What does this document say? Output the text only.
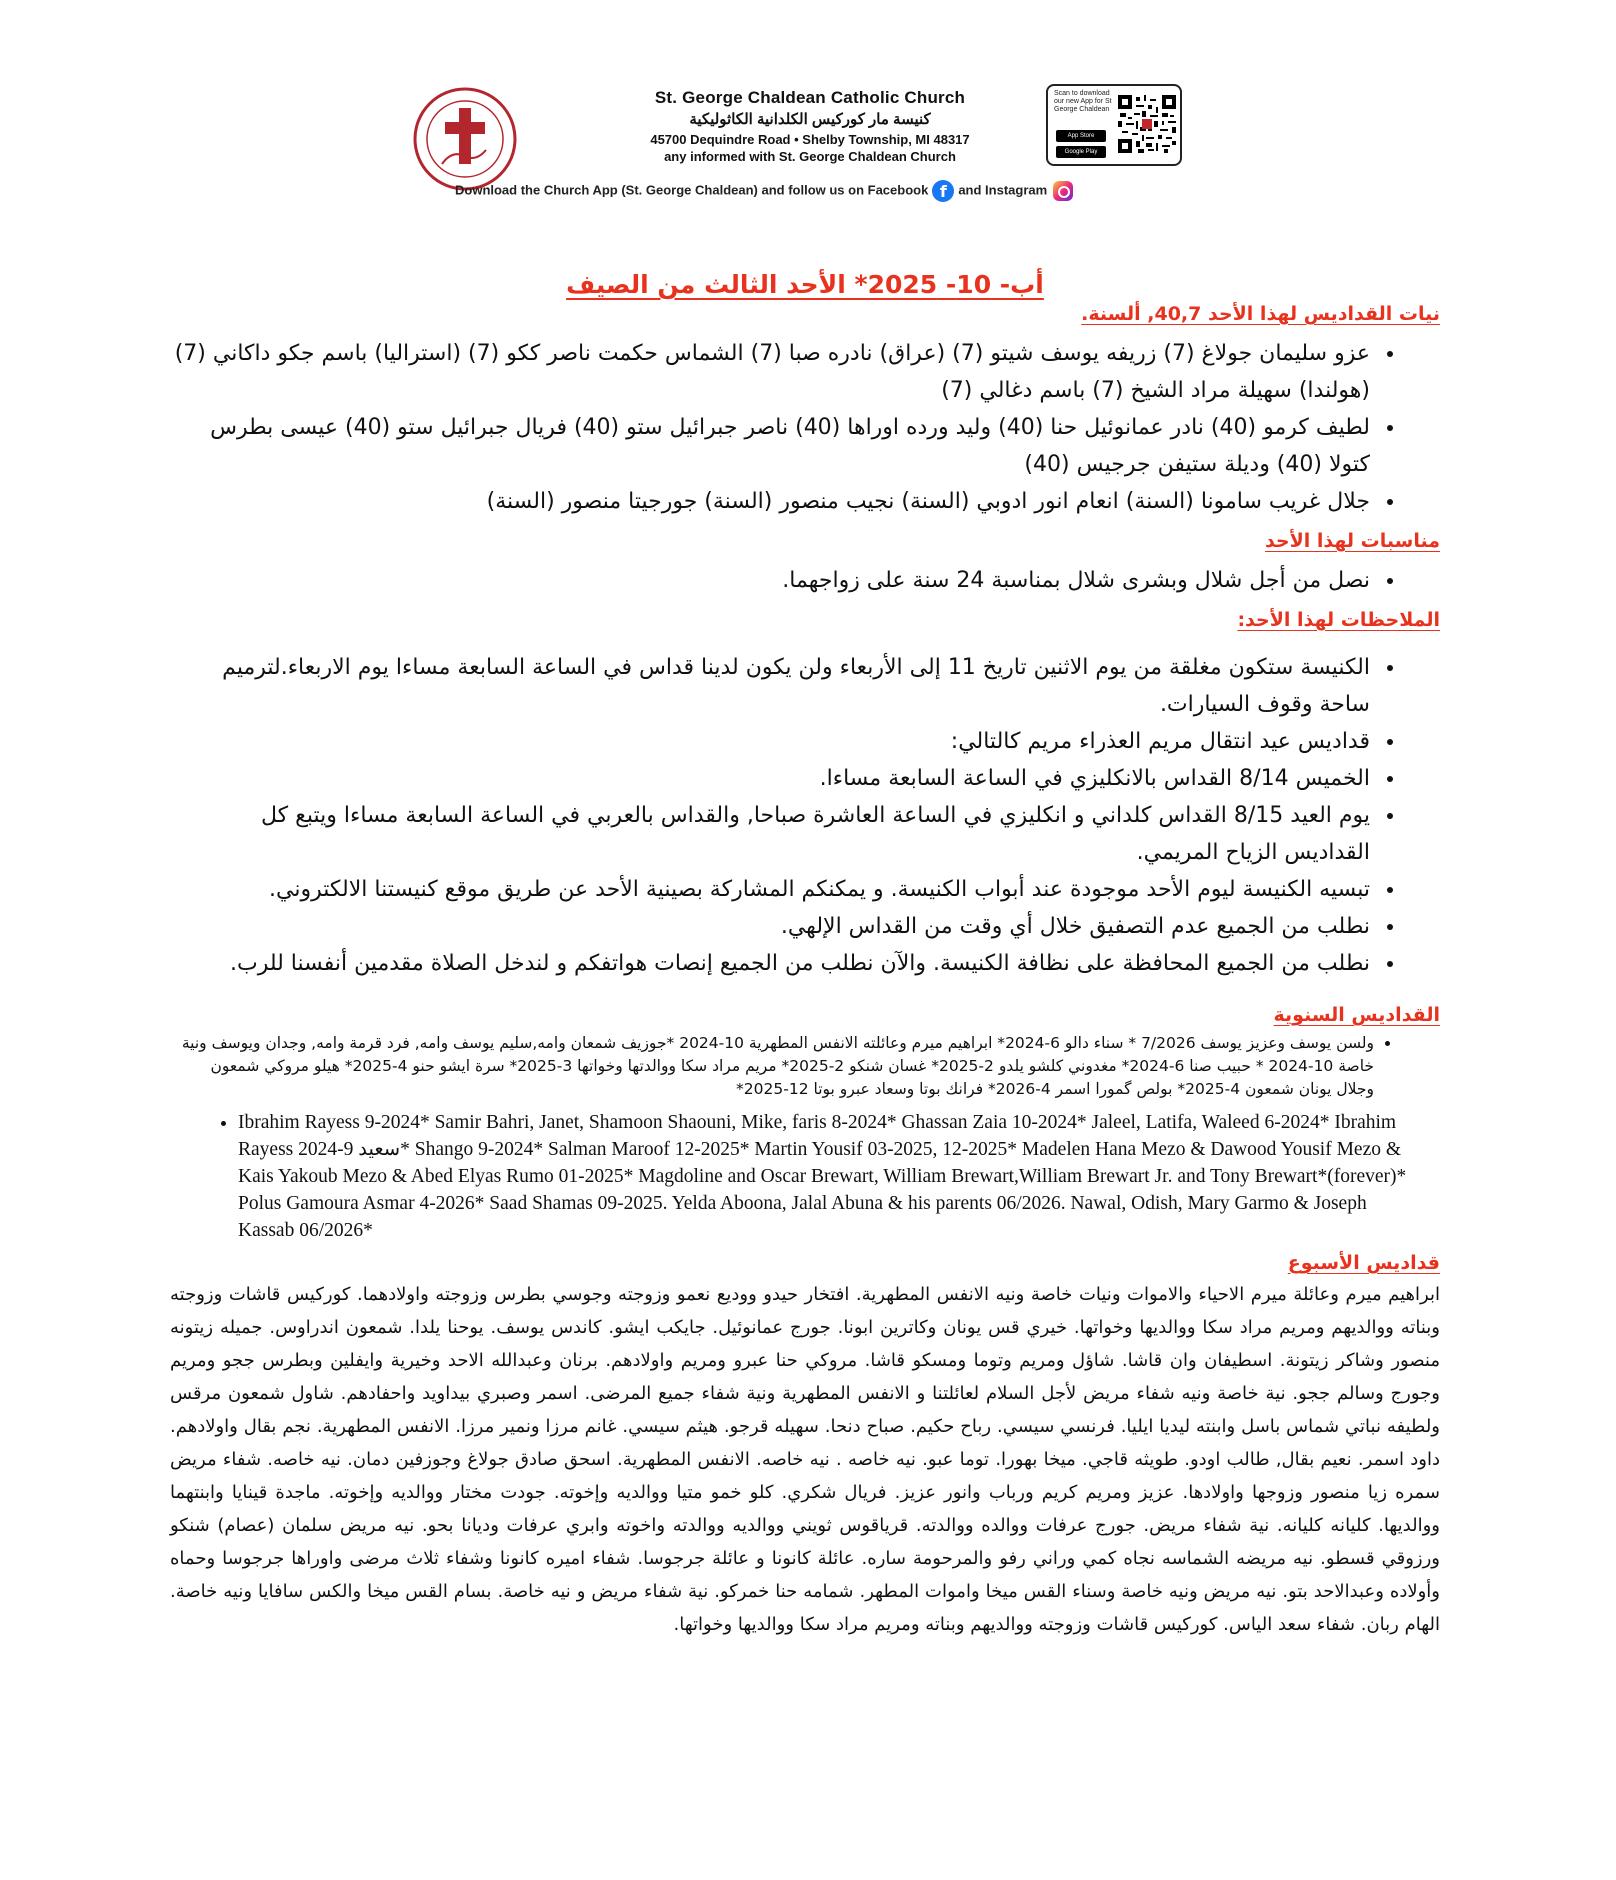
St. George Chaldean Catholic Church
كنيسة مار كوركيس الكلدانية الكاثوليكية
45700 Dequindre Road • Shelby Township, MI 48317
any informed with St. George Chaldean Church
Download the Church App (St. George Chaldean) and follow us on Facebook f and Instagram
Scan to download our new App for St George Chaldean
App Store
Google Play
أب- 10- 2025* الأحد الثالث من الصيف
نيات القداديس لهذا الأحد 40,7, ألسنة.
• عزو سليمان جولاغ (7) زريفه يوسف شيتو (7) (عراق) نادره صبا (7) الشماس حكمت ناصر ككو (7) (استراليا) باسم جكو داكاني (7)(هولندا) سهيلة مراد الشيخ (7) باسم دغالي (7)
• لطيف كرمو (40) نادر عمانوئيل حنا (40) وليد ورده اوراها (40) ناصر جبرائيل ستو (40) فريال جبرائيل ستو (40) عيسى بطرس كتولا (40) وديلة ستيفن جرجيس (40)
• جلال غريب سامونا (السنة) انعام انور ادوبي (السنة) نجيب منصور (السنة) جورجيتا منصور (السنة)
مناسبات لهذا الأحد
• نصل من أجل شلال وبشرى شلال بمناسبة 24 سنة على زواجهما.
الملاحظات لهذا الأحد:
• الكنيسة ستكون مغلقة من يوم الاثنين تاريخ 11 إلى الأربعاء ولن يكون لدينا قداس في الساعة السابعة مساءا يوم الاربعاء.لترميم ساحة وقوف السيارات.
• قداديس عيد انتقال مريم العذراء مريم كالتالي:
• الخميس 8/14 القداس بالانكليزي في الساعة السابعة مساءا.
• يوم العيد 8/15 القداس كلداني و انكليزي في الساعة العاشرة صباحا, والقداس بالعربي في الساعة السابعة مساءا ويتبع كل القداديس الزياح المريمي.
• تبسيه الكنيسة ليوم الأحد موجودة عند أبواب الكنيسة. و يمكنكم المشاركة بصينية الأحد عن طريق موقع كنيستنا الالكتروني.
• نطلب من الجميع عدم التصفيق خلال أي وقت من القداس الإلهي.
• نطلب من الجميع المحافظة على نظافة الكنيسة. والآن نطلب من الجميع إنصات هواتفكم و لندخل الصلاة مقدمين أنفسنا للرب.
القداديس السنوية
• ولسن يوسف وعزيز يوسف 7/2026 * سناء دالو 6-2024* ابراهيم ميرم وعائلته الانفس المطهرية 10-2024 *جوزيف شمعان وامه,سليم يوسف وامه, فرد قرمة وامه, وجدان ويوسف ونية خاصة 10-2024 * حبيب صنا 6-2024* مغدوني كلشو يلدو 2-2025* غسان شنكو 2-2025* مريم مراد سكا ووالدتها وخواتها 3-2025* سرة ايشو حنو 4-2025* هيلو مروكي شمعون وجلال يونان شمعون 4-2025* بولص گمورا اسمر 4-2026* فرانك بوتا وسعاد عبرو بوتا 12-2025*
• Ibrahim Rayess 9-2024* Samir Bahri, Janet, Shamoon Shaouni, Mike, faris 8-2024* Ghassan Zaia 10-2024* Jaleel, Latifa, Waleed 6-2024* Ibrahim Rayess 2024-9 سعيد* Shango 9-2024* Salman Maroof 12-2025* Martin Yousif 03-2025, 12-2025* Madelen Hana Mezo & Dawood Yousif Mezo & Kais Yakoub Mezo & Abed Elyas Rumo 01-2025* Magdoline and Oscar Brewart, William Brewart,William Brewart Jr. and Tony Brewart*(forever)* Polus Gamoura Asmar 4-2026* Saad Shamas 09-2025. Yelda Aboona, Jalal Abuna & his parents 06/2026. Nawal, Odish, Mary Garmo & Joseph Kassab 06/2026*
قداديس الأسبوع
ابراهيم ميرم وعائلة ميرم الاحياء والاموات ونيات خاصة ونيه الانفس المطهرية. افتخار حيدو ووديع نعمو وزوجته وجوسي بطرس وزوجته واولادهما. كوركيس قاشات وزوجته وبناته ووالديهم ومريم مراد سكا ووالديها وخواتها. خيري قس يونان وكاترين ابونا. جورج عمانوئيل. جايكب ايشو. كاندس يوسف. يوحنا يلدا. شمعون اندراوس. جميله زيتونه منصور وشاكر زيتونة. اسطيفان وان قاشا. شاؤل ومريم وتوما ومسكو قاشا. مروكي حنا عبرو ومريم واولادهم. برنان وعبدالله الاحد وخيرية وايفلين وبطرس ججو ومريم وجورج وسالم ججو. نية خاصة ونيه شفاء مريض لأجل السلام لعائلتنا و الانفس المطهرية ونية شفاء جميع المرضى. اسمر وصبري بيداويد واحفادهم. شاول شمعون مرقس ولطيفه نباتي شماس باسل وابنته ليديا ايليا. فرنسي سيسي. رباح حكيم. صباح دنحا. سهيله قرجو. هيثم سيسي. غانم مرزا ونمير مرزا. الانفس المطهرية. نجم بقال واولادهم. داود اسمر. نعيم بقال, طالب اودو. طويثه قاجي. ميخا بهورا. توما عبو. نيه خاصه . نيه خاصه. الانفس المطهرية. اسحق صادق جولاغ وجوزفين دمان. نيه خاصه. شفاء مريض سمره زيا منصور وزوجها واولادها. عزيز ومريم كريم ورباب وانور عزيز. فريال شكري. كلو خمو متيا ووالديه وإخوته. جودت مختار ووالديه وإخوته. ماجدة قينايا وابنتهما ووالديها. كليانه كليانه. نية شفاء مريض. جورج عرفات ووالده ووالدته. قرياقوس ثويني ووالديه ووالدته واخوته وابري عرفات وديانا بحو. نيه مريض سلمان (عصام) شنكو ورزوقي قسطو. نيه مريضه الشماسه نجاه كمي وراني رفو والمرحومة ساره. عائلة كانونا و عائلة جرجوسا. شفاء اميره كانونا وشفاء ثلاث مرضى واوراها جرجوسا وحماه وأولاده وعبدالاحد بتو. نيه مريض ونيه خاصة وسناء القس ميخا واموات المطهر. شمامه حنا خمركو. نية شفاء مريض و نيه خاصة. بسام القس ميخا والكس سافايا ونيه خاصة. الهام ربان. شفاء سعد الياس. كوركيس قاشات وزوجته ووالديهم وبناته ومريم مراد سكا ووالديها وخواتها.
